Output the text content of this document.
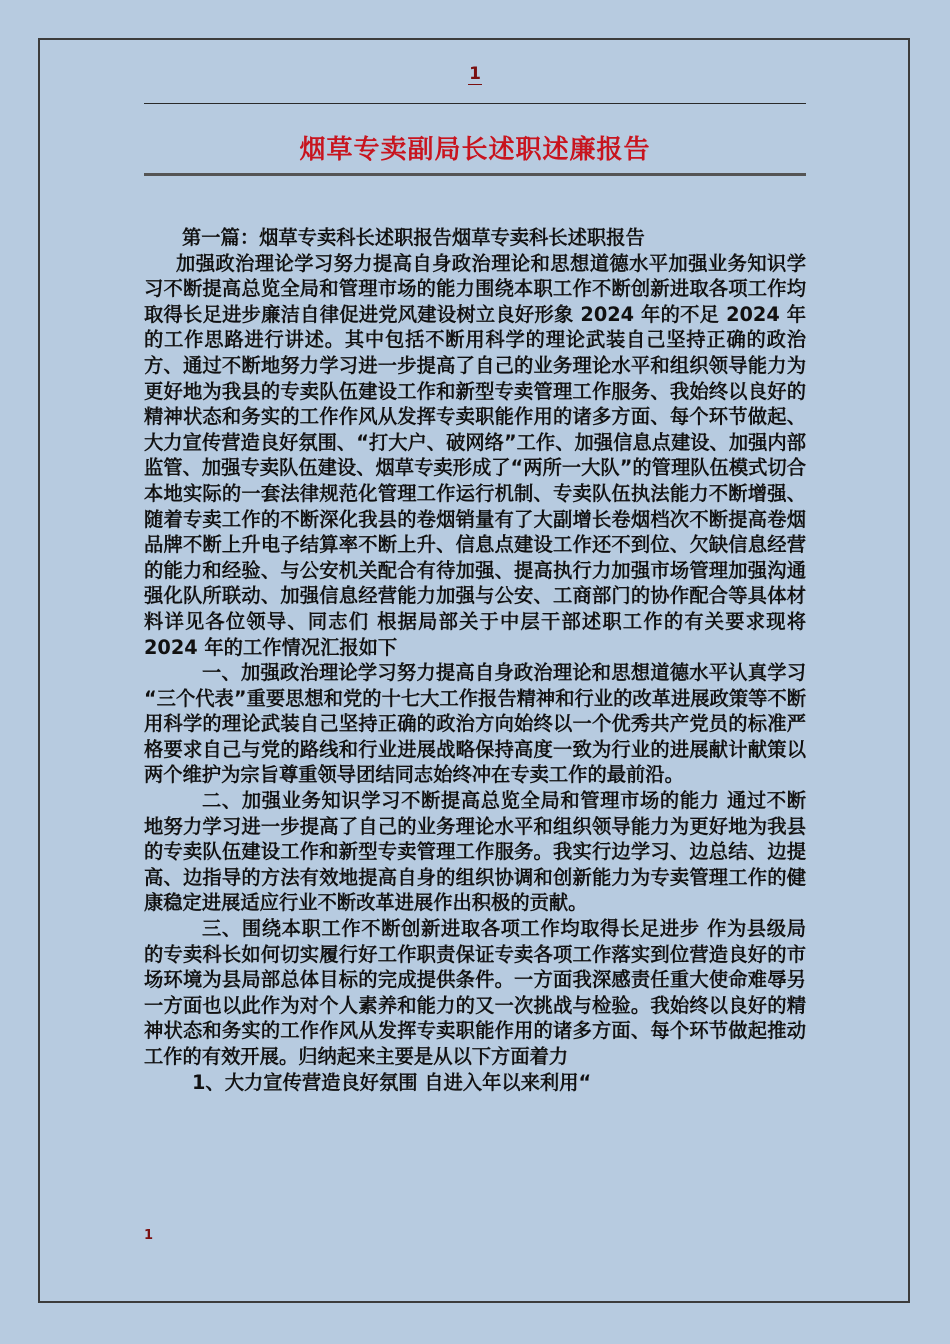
1
烟草专卖副局长述职述廉报告

第一篇：烟草专卖科长述职报告烟草专卖科长述职报告

加强政治理论学习努力提高自身政治理论和思想道德水平加强业务知识学习不断提高总览全局和管理市场的能力围绕本职工作不断创新进取各项工作均取得长足进步廉洁自律促进党风建设树立良好形象 2024 年的不足 2024 年的工作思路进行讲述。其中包括不断用科学的理论武装自己坚持正确的政治方、通过不断地努力学习进一步提高了自己的业务理论水平和组织领导能力为更好地为我县的专卖队伍建设工作和新型专卖管理工作服务、我始终以良好的精神状态和务实的工作作风从发挥专卖职能作用的诸多方面、每个环节做起、大力宣传营造良好氛围、“打大户、破网络”工作、加强信息点建设、加强内部监管、加强专卖队伍建设、烟草专卖形成了“两所一大队”的管理队伍模式切合本地实际的一套法律规范化管理工作运行机制、专卖队伍执法能力不断增强、随着专卖工作的不断深化我县的卷烟销量有了大副增长卷烟档次不断提高卷烟品牌不断上升电子结算率不断上升、信息点建设工作还不到位、欠缺信息经营的能力和经验、与公安机关配合有待加强、提高执行力加强市场管理加强沟通强化队所联动、加强信息经营能力加强与公安、工商部门的协作配合等具体材料详见各位领导、同志们 根据局部关于中层干部述职工作的有关要求现将 2024 年的工作情况汇报如下

一、加强政治理论学习努力提高自身政治理论和思想道德水平认真学习 “三个代表”重要思想和党的十七大工作报告精神和行业的改革进展政策等不断用科学的理论武装自己坚持正确的政治方向始终以一个优秀共产党员的标准严格要求自己与党的路线和行业进展战略保持高度一致为行业的进展献计献策以两个维护为宗旨尊重领导团结同志始终冲在专卖工作的最前沿。

二、加强业务知识学习不断提高总览全局和管理市场的能力 通过不断地努力学习进一步提高了自己的业务理论水平和组织领导能力为更好地为我县的专卖队伍建设工作和新型专卖管理工作服务。我实行边学习、边总结、边提高、边指导的方法有效地提高自身的组织协调和创新能力为专卖管理工作的健康稳定进展适应行业不断改革进展作出积极的贡献。

三、围绕本职工作不断创新进取各项工作均取得长足进步 作为县级局的专卖科长如何切实履行好工作职责保证专卖各项工作落实到位营造良好的市场环境为县局部总体目标的完成提供条件。一方面我深感责任重大使命难辱另一方面也以此作为对个人素养和能力的又一次挑战与检验。我始终以良好的精神状态和务实的工作作风从发挥专卖职能作用的诸多方面、每个环节做起推动工作的有效开展。归纳起来主要是从以下方面着力

1、大力宣传营造良好氛围 自进入年以来利用“

1
